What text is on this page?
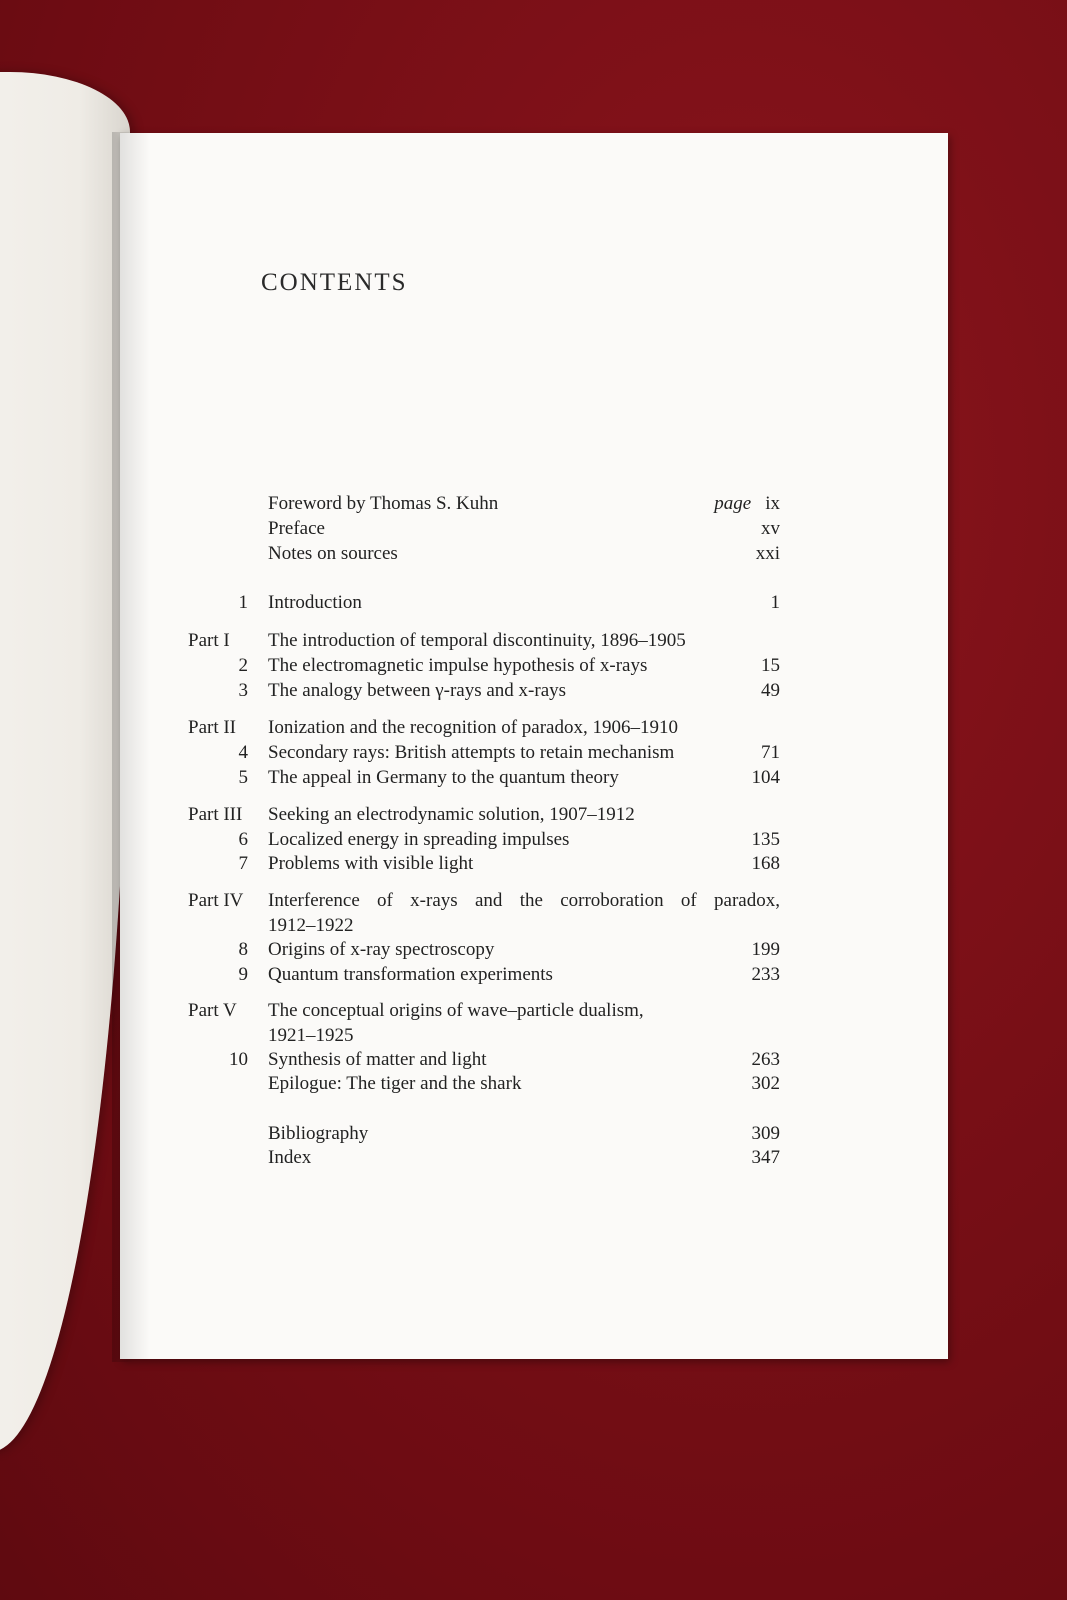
CONTENTS
Foreword by Thomas S. Kuhn	page ix
Preface	xv
Notes on sources	xxi
1 Introduction	1
Part I	The introduction of temporal discontinuity, 1896–1905
2 The electromagnetic impulse hypothesis of x-rays	15
3 The analogy between γ-rays and x-rays	49
Part II	Ionization and the recognition of paradox, 1906–1910
4 Secondary rays: British attempts to retain mechanism	71
5 The appeal in Germany to the quantum theory	104
Part III Seeking an electrodynamic solution, 1907–1912
6 Localized energy in spreading impulses	135
7 Problems with visible light	168
Part IV Interference of x-rays and the corroboration of paradox,
1912–1922
8 Origins of x-ray spectroscopy	199
9 Quantum transformation experiments	233
Part V	The conceptual origins of wave–particle dualism,
1921–1925
10 Synthesis of matter and light	263
Epilogue: The tiger and the shark	302
Bibliography	309
Index	347
